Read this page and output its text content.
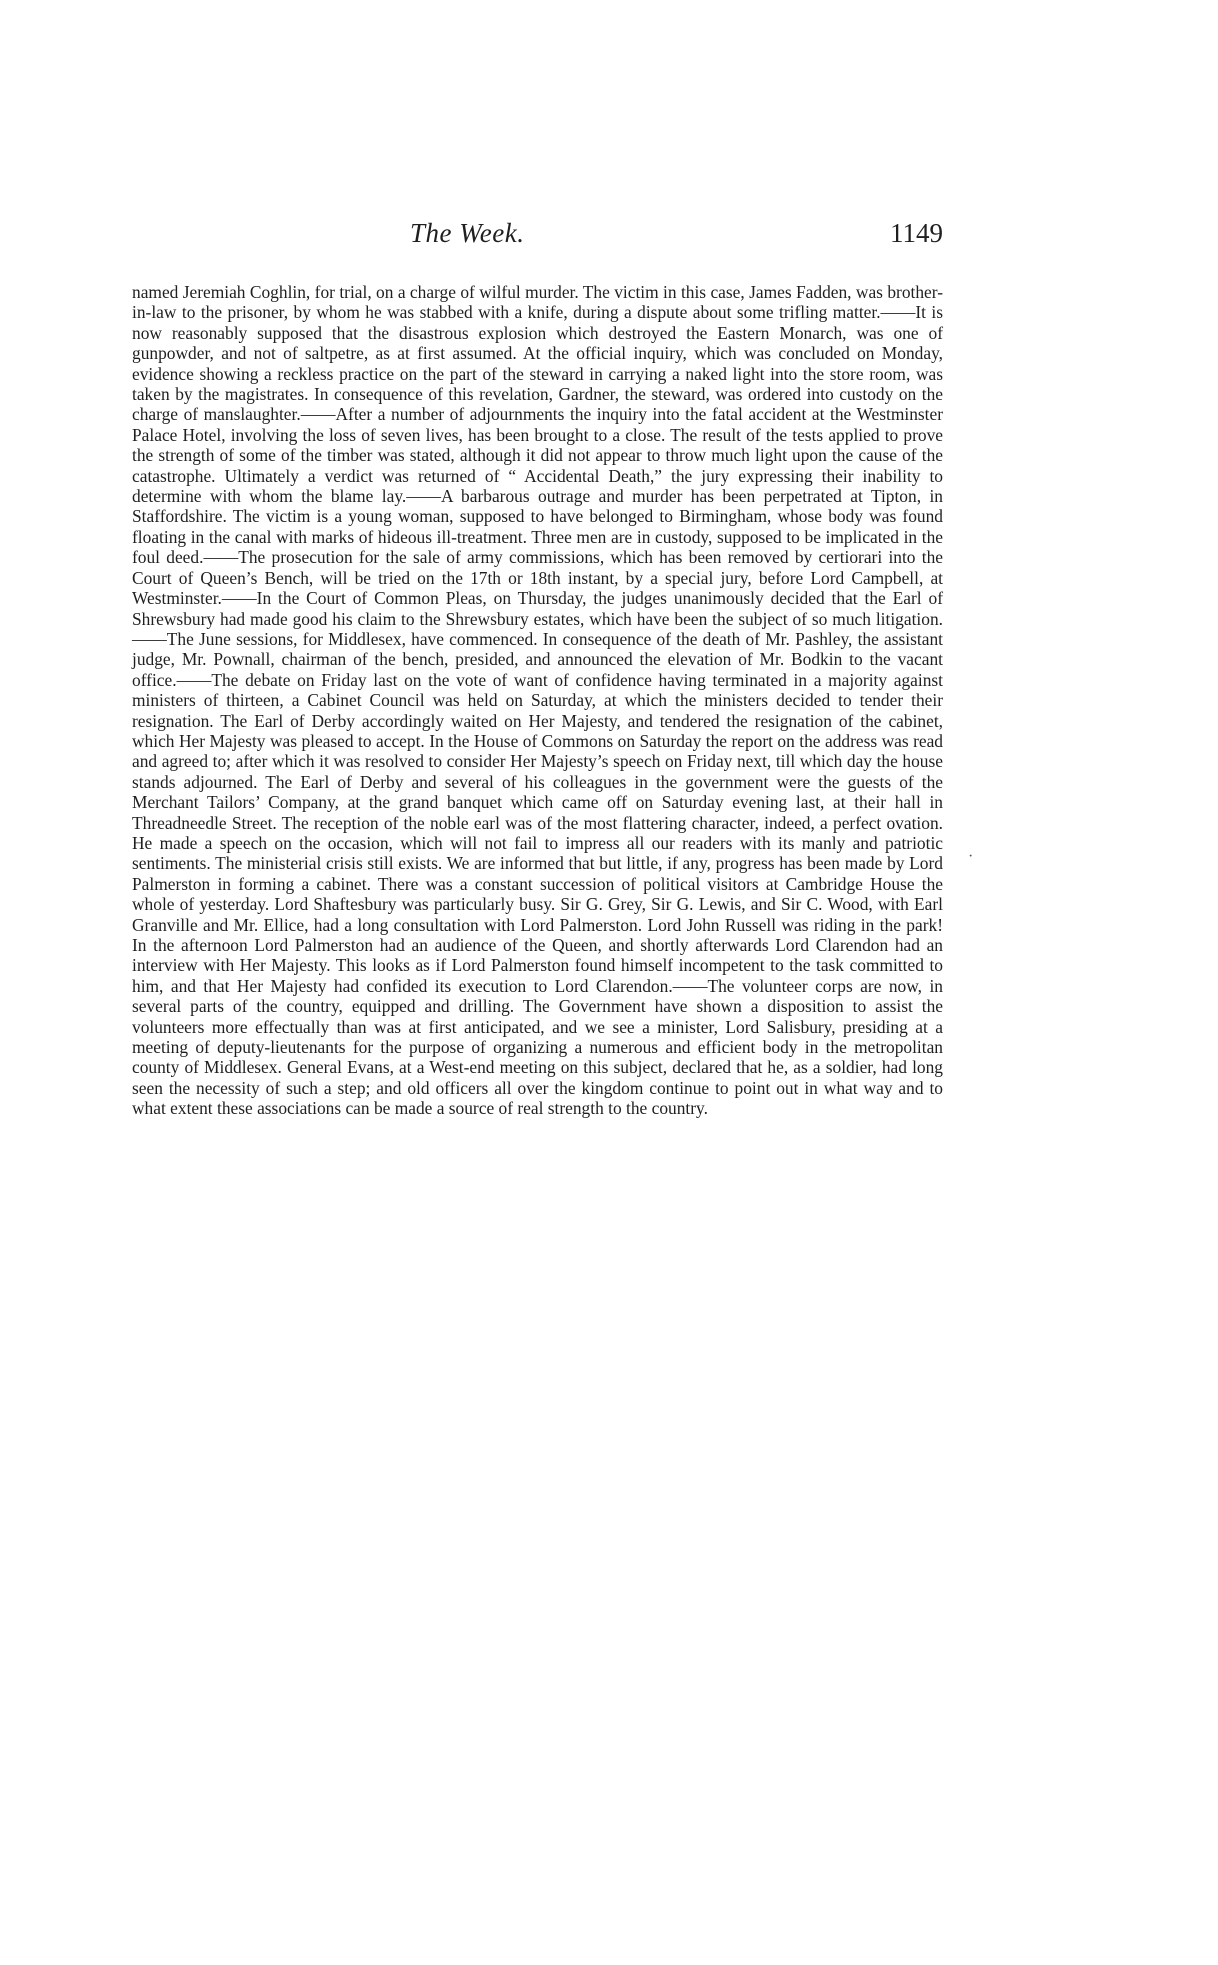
The Week.	1149

named Jeremiah Coghlin, for trial, on a charge of wilful murder. The victim in this case, James Fadden, was brother-in-law to the prisoner, by whom he was stabbed with a knife, during a dispute about some trifling matter.——It is now reasonably supposed that the disastrous explosion which destroyed the Eastern Monarch, was one of gunpowder, and not of saltpetre, as at first assumed. At the official inquiry, which was concluded on Monday, evidence showing a reckless practice on the part of the steward in carrying a naked light into the store room, was taken by the magistrates. In consequence of this revelation, Gardner, the steward, was ordered into custody on the charge of manslaughter.——After a number of adjournments the inquiry into the fatal accident at the Westminster Palace Hotel, involving the loss of seven lives, has been brought to a close. The result of the tests applied to prove the strength of some of the timber was stated, although it did not appear to throw much light upon the cause of the catastrophe. Ultimately a verdict was returned of “ Accidental Death,” the jury expressing their inability to determine with whom the blame lay.——A barbarous outrage and murder has been perpetrated at Tipton, in Staffordshire. The victim is a young woman, supposed to have belonged to Birmingham, whose body was found floating in the canal with marks of hideous ill-treatment. Three men are in custody, supposed to be implicated in the foul deed.——The prosecution for the sale of army commissions, which has been removed by certiorari into the Court of Queen’s Bench, will be tried on the 17th or 18th instant, by a special jury, before Lord Campbell, at Westminster.——In the Court of Common Pleas, on Thursday, the judges unanimously decided that the Earl of Shrewsbury had made good his claim to the Shrewsbury estates, which have been the subject of so much litigation.——The June sessions, for Middlesex, have commenced. In consequence of the death of Mr. Pashley, the assistant judge, Mr. Pownall, chairman of the bench, presided, and announced the elevation of Mr. Bodkin to the vacant office.——The debate on Friday last on the vote of want of confidence having terminated in a majority against ministers of thirteen, a Cabinet Council was held on Saturday, at which the ministers decided to tender their resignation. The Earl of Derby accordingly waited on Her Majesty, and tendered the resignation of the cabinet, which Her Majesty was pleased to accept. In the House of Commons on Saturday the report on the address was read and agreed to; after which it was resolved to consider Her Majesty’s speech on Friday next, till which day the house stands adjourned. The Earl of Derby and several of his colleagues in the government were the guests of the Merchant Tailors’ Company, at the grand banquet which came off on Saturday evening last, at their hall in Threadneedle Street. The reception of the noble earl was of the most flattering character, indeed, a perfect ovation. He made a speech on the occasion, which will not fail to impress all our readers with its manly and patriotic sentiments. The ministerial crisis still exists. We are informed that but little, if any, progress has been made by Lord Palmerston in forming a cabinet. There was a constant succession of political visitors at Cambridge House the whole of yesterday. Lord Shaftesbury was particularly busy. Sir G. Grey, Sir G. Lewis, and Sir C. Wood, with Earl Granville and Mr. Ellice, had a long consultation with Lord Palmerston. Lord John Russell was riding in the park! In the afternoon Lord Palmerston had an audience of the Queen, and shortly afterwards Lord Clarendon had an interview with Her Majesty. This looks as if Lord Palmerston found himself incompetent to the task committed to him, and that Her Majesty had confided its execution to Lord Clarendon.——The volunteer corps are now, in several parts of the country, equipped and drilling. The Government have shown a disposition to assist the volunteers more effectually than was at first anticipated, and we see a minister, Lord Salisbury, presiding at a meeting of deputy-lieutenants for the purpose of organizing a numerous and efficient body in the metropolitan county of Middlesex. General Evans, at a West-end meeting on this subject, declared that he, as a soldier, had long seen the necessity of such a step; and old officers all over the kingdom continue to point out in what way and to what extent these associations can be made a source of real strength to the country.

·
